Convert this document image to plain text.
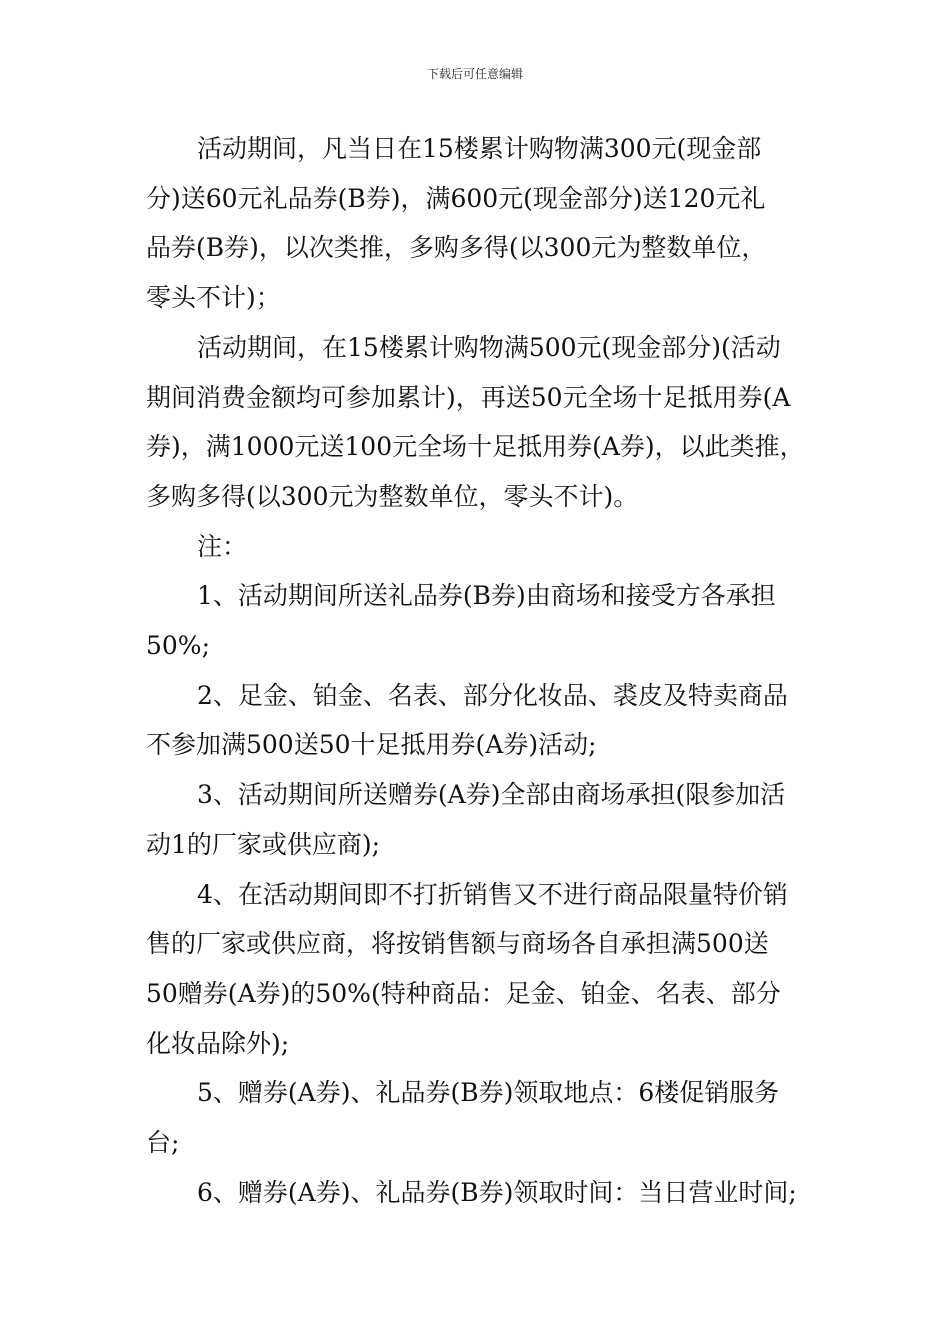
下载后可任意编辑

活动期间，凡当日在15楼累计购物满300元(现金部
分)送60元礼品券(B券)，满600元(现金部分)送120元礼
品券(B券)，以次类推，多购多得(以300元为整数单位，
零头不计)；

活动期间，在15楼累计购物满500元(现金部分)(活动
期间消费金额均可参加累计)，再送50元全场十足抵用券(A
券)，满1000元送100元全场十足抵用券(A券)，以此类推，
多购多得(以300元为整数单位，零头不计)。

注：

1、活动期间所送礼品券(B券)由商场和接受方各承担
50%;

2、足金、铂金、名表、部分化妆品、裘皮及特卖商品
不参加满500送50十足抵用券(A券)活动;

3、活动期间所送赠券(A券)全部由商场承担(限参加活
动1的厂家或供应商);

4、在活动期间即不打折销售又不进行商品限量特价销
售的厂家或供应商，将按销售额与商场各自承担满500送
50赠券(A券)的50%(特种商品：足金、铂金、名表、部分
化妆品除外);

5、赠券(A券)、礼品券(B券)领取地点：6楼促销服务
台;

6、赠券(A券)、礼品券(B券)领取时间：当日营业时间;
